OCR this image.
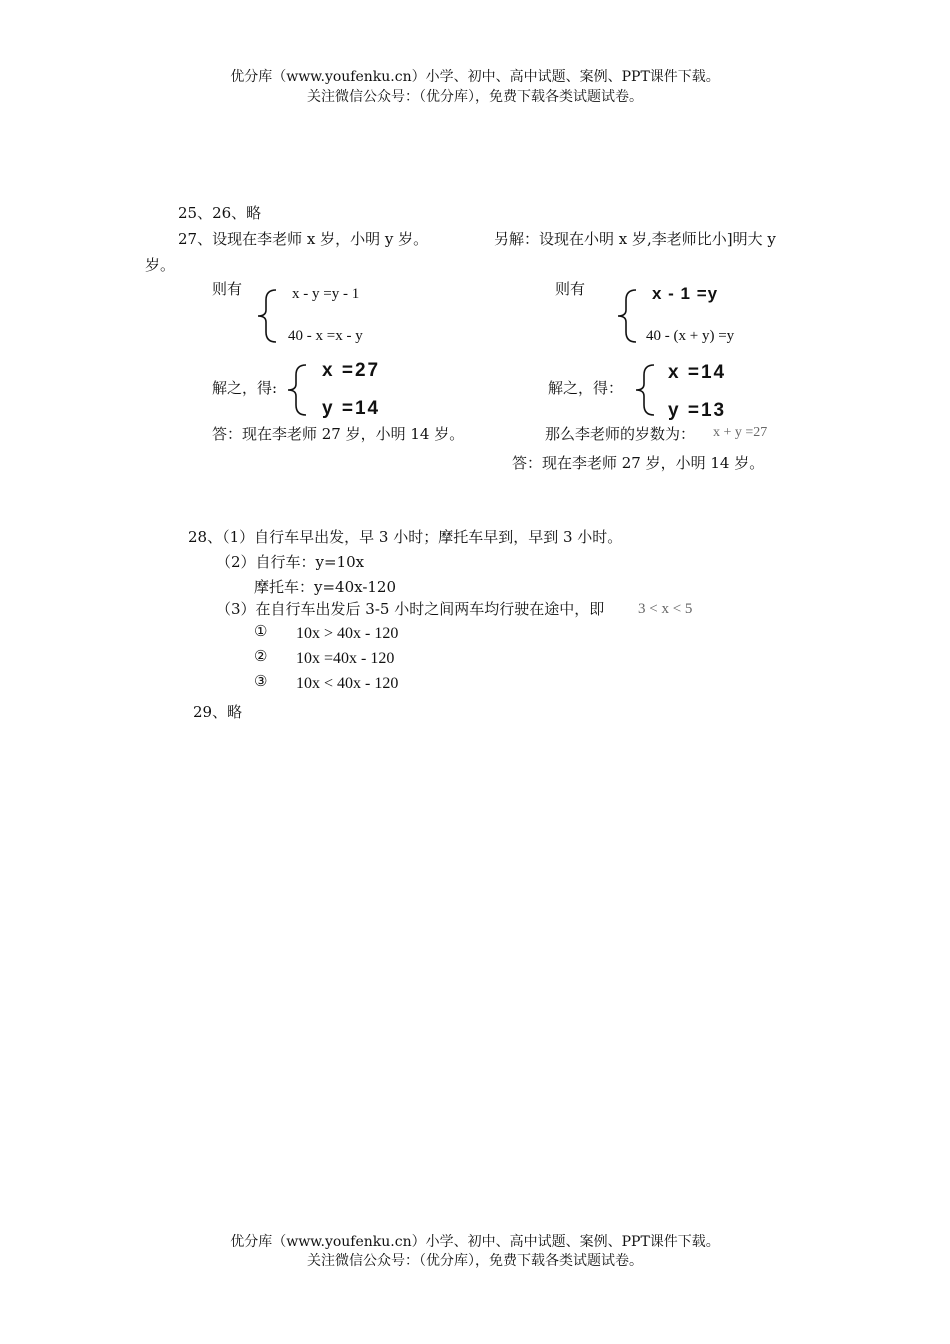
优分库（www.youfenku.cn）小学、初中、高中试题、案例、PPT课件下载。
关注微信公众号：（优分库），免费下载各类试题试卷。
25、26、略
27、设现在李老师 x 岁，小明 y 岁。	另解：设现在小明 x 岁,李老师比小]明大 y
岁。
则有	x - y =y - 1
40 - x =x - y
解之，得:
x =27
y =14
答：现在李老师 27 岁，小明 14 岁。
则有	x - 1 =y
40 - (x + y) =y
解之，得：
x =14
y =13
那么李老师的岁数为： x + y =27
答：现在李老师 27 岁，小明 14 岁。
28、（1）自行车早出发，早 3 小时；摩托车早到，早到 3 小时。
（2）自行车：y=10x
摩托车：y=40x-120
（3）在自行车出发后 3-5 小时之间两车均行驶在途中，即 3 < x < 5
① 10x > 40x - 120
② 10x =40x - 120
③ 10x < 40x - 120
29、略
优分库（www.youfenku.cn）小学、初中、高中试题、案例、PPT课件下载。
关注微信公众号：（优分库），免费下载各类试题试卷。
